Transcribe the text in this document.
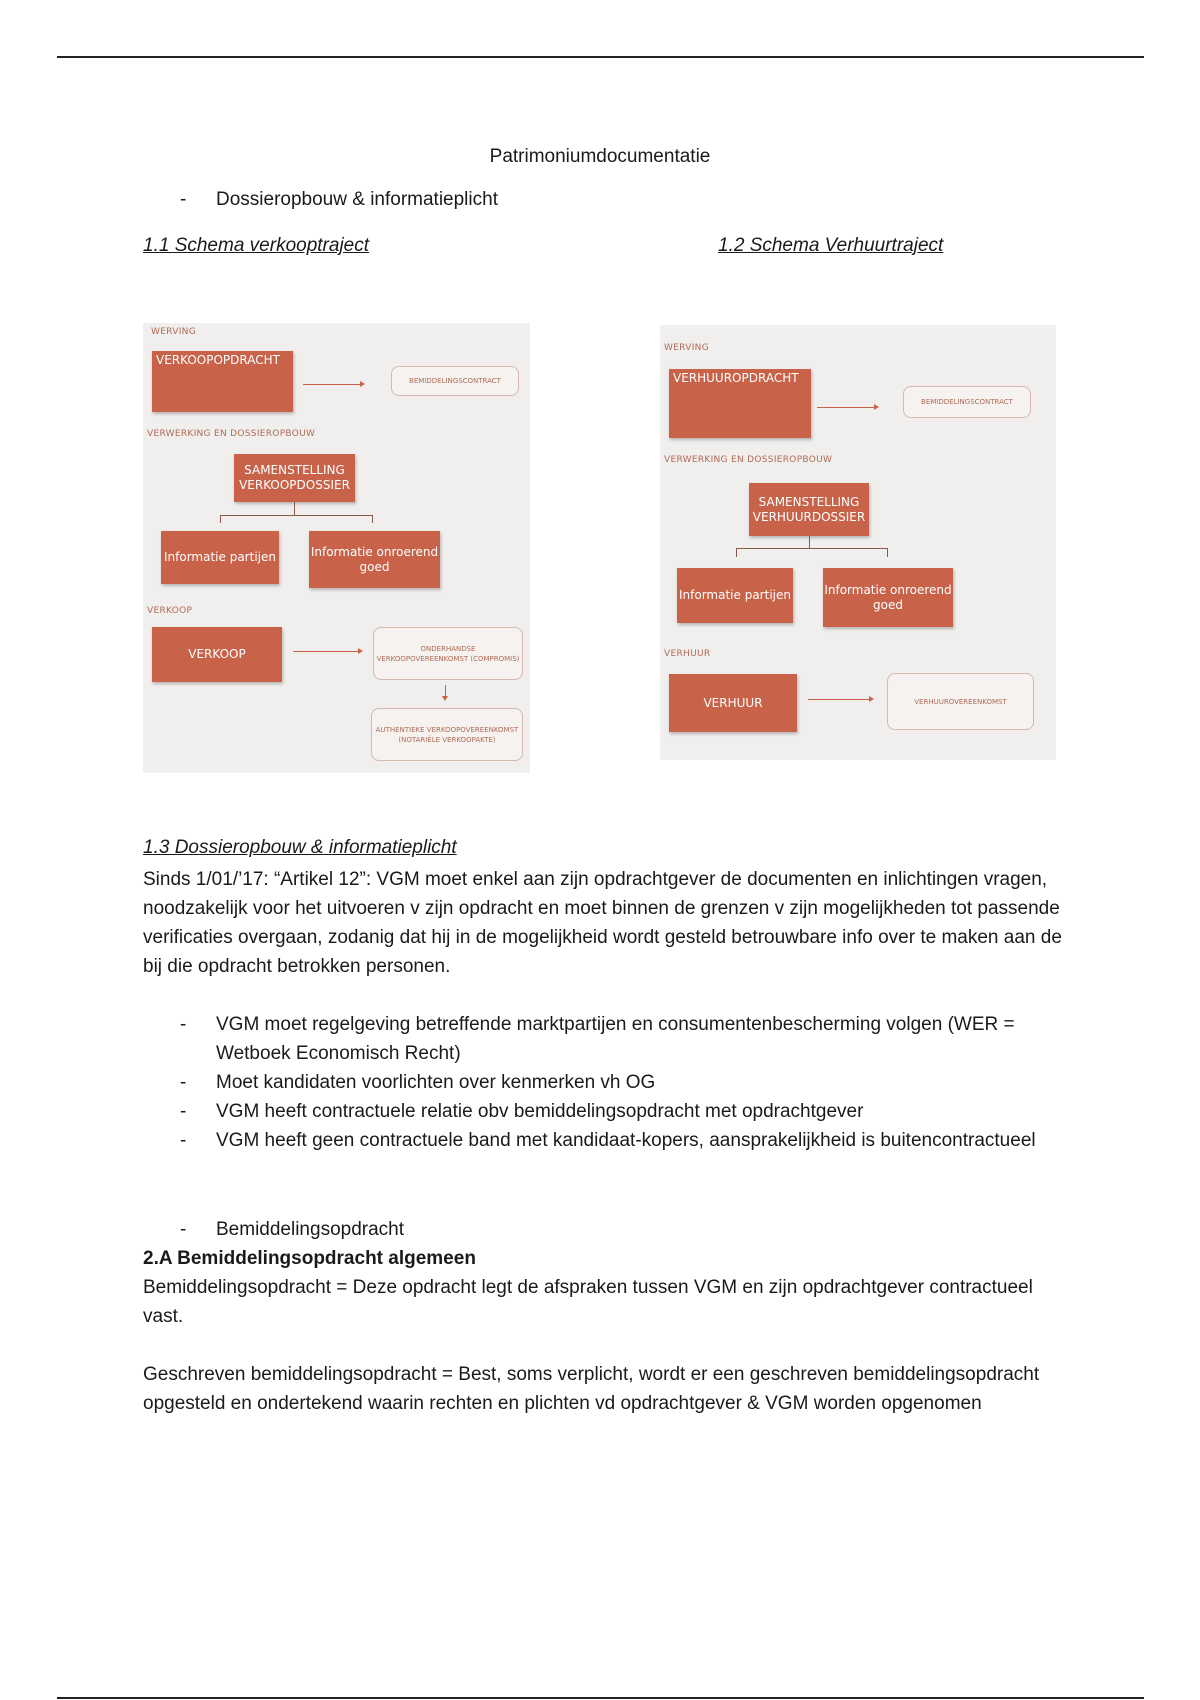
Patrimoniumdocumentatie
- Dossieropbouw & informatieplicht
1.1 Schema verkooptraject	1.2 Schema Verhuurtraject
WERVING
VERKOOPOPDRACHT
BEMIDDELINGSCONTRACT
VERWERKING EN DOSSIEROPBOUW
SAMENSTELLING VERKOOPDOSSIER
Informatie partijen	Informatie onroerend goed
VERKOOP
VERKOOP	ONDERHANDSE VERKOOPOVEREENKOMST (COMPROMIS)
AUTHENTIEKE VERKOOPOVEREENKOMST (NOTARIËLE VERKOOPAKTE)
WERVING
VERHUUROPDRACHT
BEMIDDELINGSCONTRACT
VERWERKING EN DOSSIEROPBOUW
SAMENSTELLING VERHUURDOSSIER
Informatie partijen	Informatie onroerend goed
VERHUUR
VERHUUR	VERHUUROVEREENKOMST
1.3 Dossieropbouw & informatieplicht
Sinds 1/01/’17: “Artikel 12”: VGM moet enkel aan zijn opdrachtgever de documenten en inlichtingen vragen, noodzakelijk voor het uitvoeren v zijn opdracht en moet binnen de grenzen v zijn mogelijkheden tot passende verificaties overgaan, zodanig dat hij in de mogelijkheid wordt gesteld betrouwbare info over te maken aan de bij die opdracht betrokken personen.
- VGM moet regelgeving betreffende marktpartijen en consumentenbescherming volgen (WER = Wetboek Economisch Recht)
- Moet kandidaten voorlichten over kenmerken vh OG
- VGM heeft contractuele relatie obv bemiddelingsopdracht met opdrachtgever
- VGM heeft geen contractuele band met kandidaat-kopers, aansprakelijkheid is buitencontractueel
- Bemiddelingsopdracht
2.A Bemiddelingsopdracht algemeen
Bemiddelingsopdracht = Deze opdracht legt de afspraken tussen VGM en zijn opdrachtgever contractueel vast.
Geschreven bemiddelingsopdracht = Best, soms verplicht, wordt er een geschreven bemiddelingsopdracht opgesteld en ondertekend waarin rechten en plichten vd opdrachtgever & VGM worden opgenomen
